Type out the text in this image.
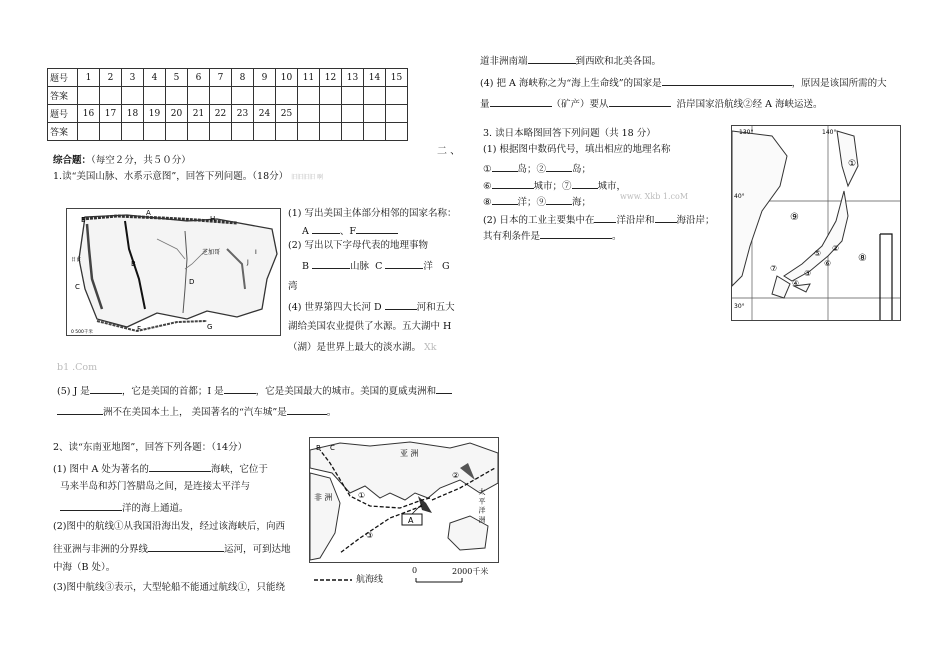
题号	1	2	3	4	5	6	7	8	9	10	11	12	13	14	15
答案															
题号	16	17	18	19	20	21	22	23	24	25					
答案															
二 、
综合题：（每空２分，共５０分）
1.读“美国山脉、水系示意图”，回答下列问题。（18分） 旧旧旧旧 啊
A
E
B
C
D
F	G
H
I
J
芝加哥
日食
0 500千米
(1) 写出美国主体部分相邻的国家名称：
A	、F
(2) 写出以下字母代表的地理事物
B	山脉 C	洋 G
湾
(4) 世界第四大长河 D	河和五大
湖给美国农业提供了水源。五大湖中 H
（湖）是世界上最大的淡水湖。 Xk
b1 .Com
(5) J 是	，它是美国的首都；I 是	，它是美国最大的城市。美国的夏威夷洲和
洲不在美国本土上， 美国著名的“汽车城”是	。
2、读“东南亚地图”，回答下列各题：（14分）
(1) 图中 A 处为著名的	海峡，它位于
马来半岛和苏门答腊岛之间，是连接太平洋与
洋的海上通道。
(2)图中的航线①从我国沿海出发，经过该海峡后，向西
往亚洲与非洲的分界线	运河，可到达地
中海（B 处）。
(3)图中航线③表示，大型轮船不能通过航线①，只能绕
A
B C
亚 洲
非 洲	太 平 洋 洲
①
②
③
航海线
0	2000千米
道非洲南端	到西欧和北美各国。
(4) 把 A 海峡称之为“海上生命线”的国家是	，原因是该国所需的大
量	（矿产）要从	沿岸国家沿航线②经 A 海峡运送。
3. 读日本略图回答下列问题（共 18 分）
(1) 根据图中数码代号，填出相应的地理名称
①	岛；②	岛；
⑥	城市；⑦	城市，
www. Xkb 1.coM
⑧	洋；⑨	海；
(2) 日本的工业主要集中在 洋沿岸和 海沿岸；
其有利条件是	。
130°	140°
40°
30°
①
②
③
④
⑤
⑥
⑦
⑧
⑨
